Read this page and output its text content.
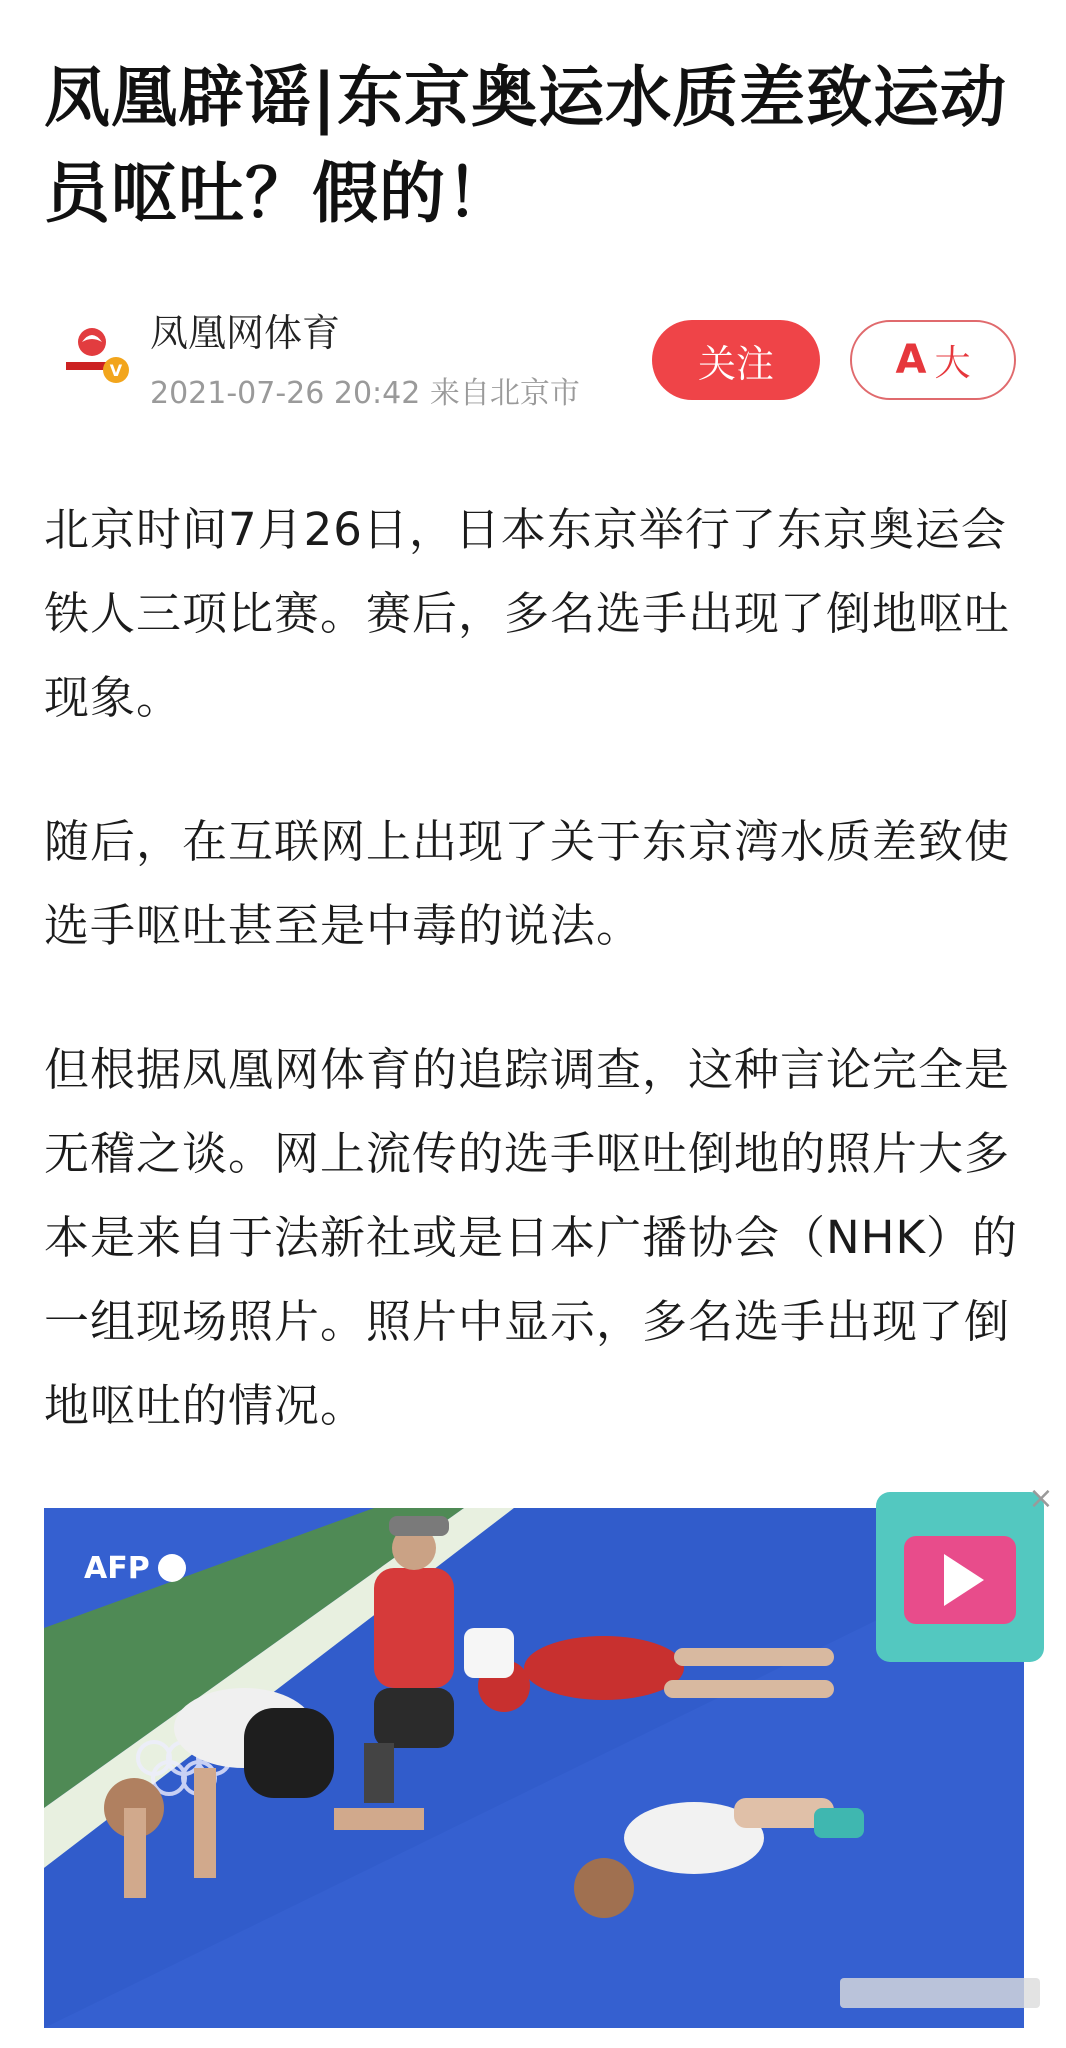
凤凰辟谣|东京奥运水质差致运动员呕吐？假的！
V
凤凰网体育
2021-07-26 20:42 来自北京市
关注	A 大
北京时间7月26日，日本东京举行了东京奥运会铁人三项比赛。赛后，多名选手出现了倒地呕吐现象。
随后，在互联网上出现了关于东京湾水质差致使选手呕吐甚至是中毒的说法。
但根据凤凰网体育的追踪调查，这种言论完全是无稽之谈。网上流传的选手呕吐倒地的照片大多本是来自于法新社或是日本广播协会（NHK）的一组现场照片。照片中显示，多名选手出现了倒地呕吐的情况。
AFP
×
